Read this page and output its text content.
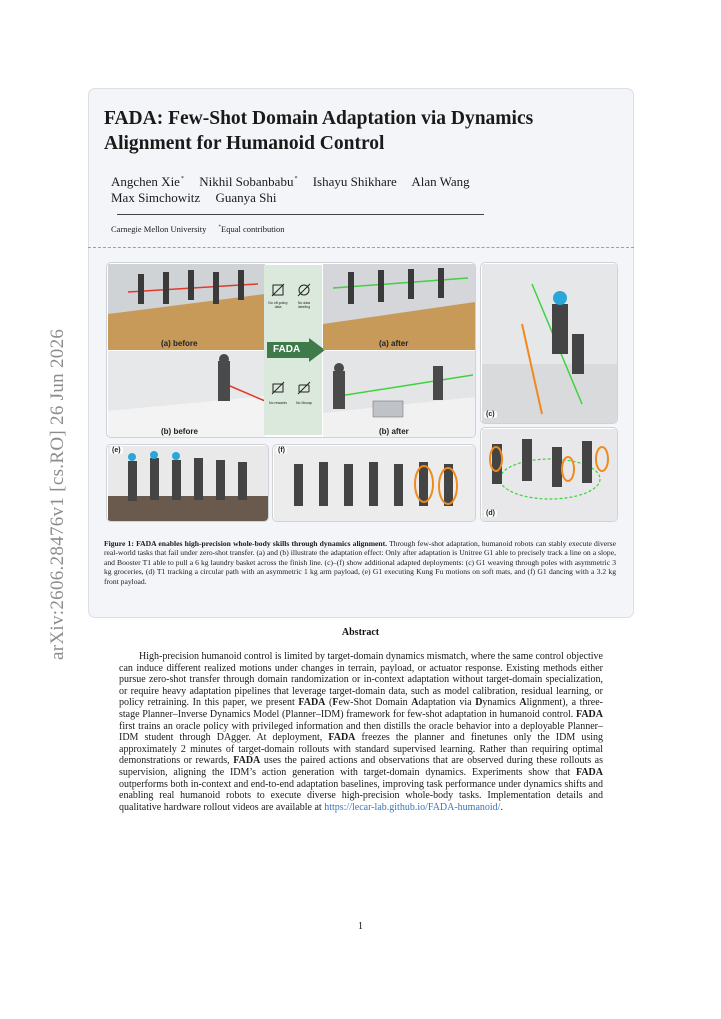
arXiv:2606.28476v1 [cs.RO] 26 Jun 2026
FADA: Few-Shot Domain Adaptation via Dynamics Alignment for Humanoid Control
Angchen Xie* Nikhil Sobanbabu* Ishayu Shikhare Alan Wang
Max Simchowitz Guanya Shi
Carnegie Mellon University *Equal contribution
(a) before
(b) before
No off-policy data
No data labeling
FADA
No rewards	No Mocap
(a) after
(b) after
(c)
(d)
(e)	(f)
Figure 1: FADA enables high-precision whole-body skills through dynamics alignment. Through few-shot adaptation, humanoid robots can stably execute diverse real-world tasks that fail under zero-shot transfer. (a) and (b) illustrate the adaptation effect: Only after adaptation is Unitree G1 able to precisely track a line on a slope, and Booster T1 able to pull a 6 kg laundry basket across the finish line. (c)–(f) show additional adapted deployments: (c) G1 weaving through poles with asymmetric 3 kg groceries, (d) T1 tracking a circular path with an asymmetric 1 kg arm payload, (e) G1 executing Kung Fu motions on soft mats, and (f) G1 dancing with a 3.2 kg front payload.
Abstract
High-precision humanoid control is limited by target-domain dynamics mismatch, where the same control objective can induce different realized motions under changes in terrain, payload, or actuator response. Existing methods either pursue zero-shot transfer through domain randomization or in-context adaptation without target-domain specialization, or require heavy adaptation pipelines that leverage target-domain data, such as model calibration, residual learning, or policy retraining. In this paper, we present FADA (Few-Shot Domain Adaptation via Dynamics Alignment), a three-stage Planner–Inverse Dynamics Model (Planner–IDM) framework for few-shot adaptation in humanoid control. FADA first trains an oracle policy with privileged information and then distills the oracle behavior into a deployable Planner–IDM student through DAgger. At deployment, FADA freezes the planner and finetunes only the IDM using approximately 2 minutes of target-domain rollouts with standard supervised learning. Rather than requiring optimal demonstrations or rewards, FADA uses the paired actions and observations that are observed during these rollouts as supervision, aligning the IDM’s action generation with target-domain dynamics. Experiments show that FADA outperforms both in-context and end-to-end adaptation baselines, improving task performance under dynamics shifts and enabling real humanoid robots to execute diverse high-precision whole-body tasks. Implementation details and qualitative hardware rollout videos are available at https://lecar-lab.github.io/FADA-humanoid/.
1
